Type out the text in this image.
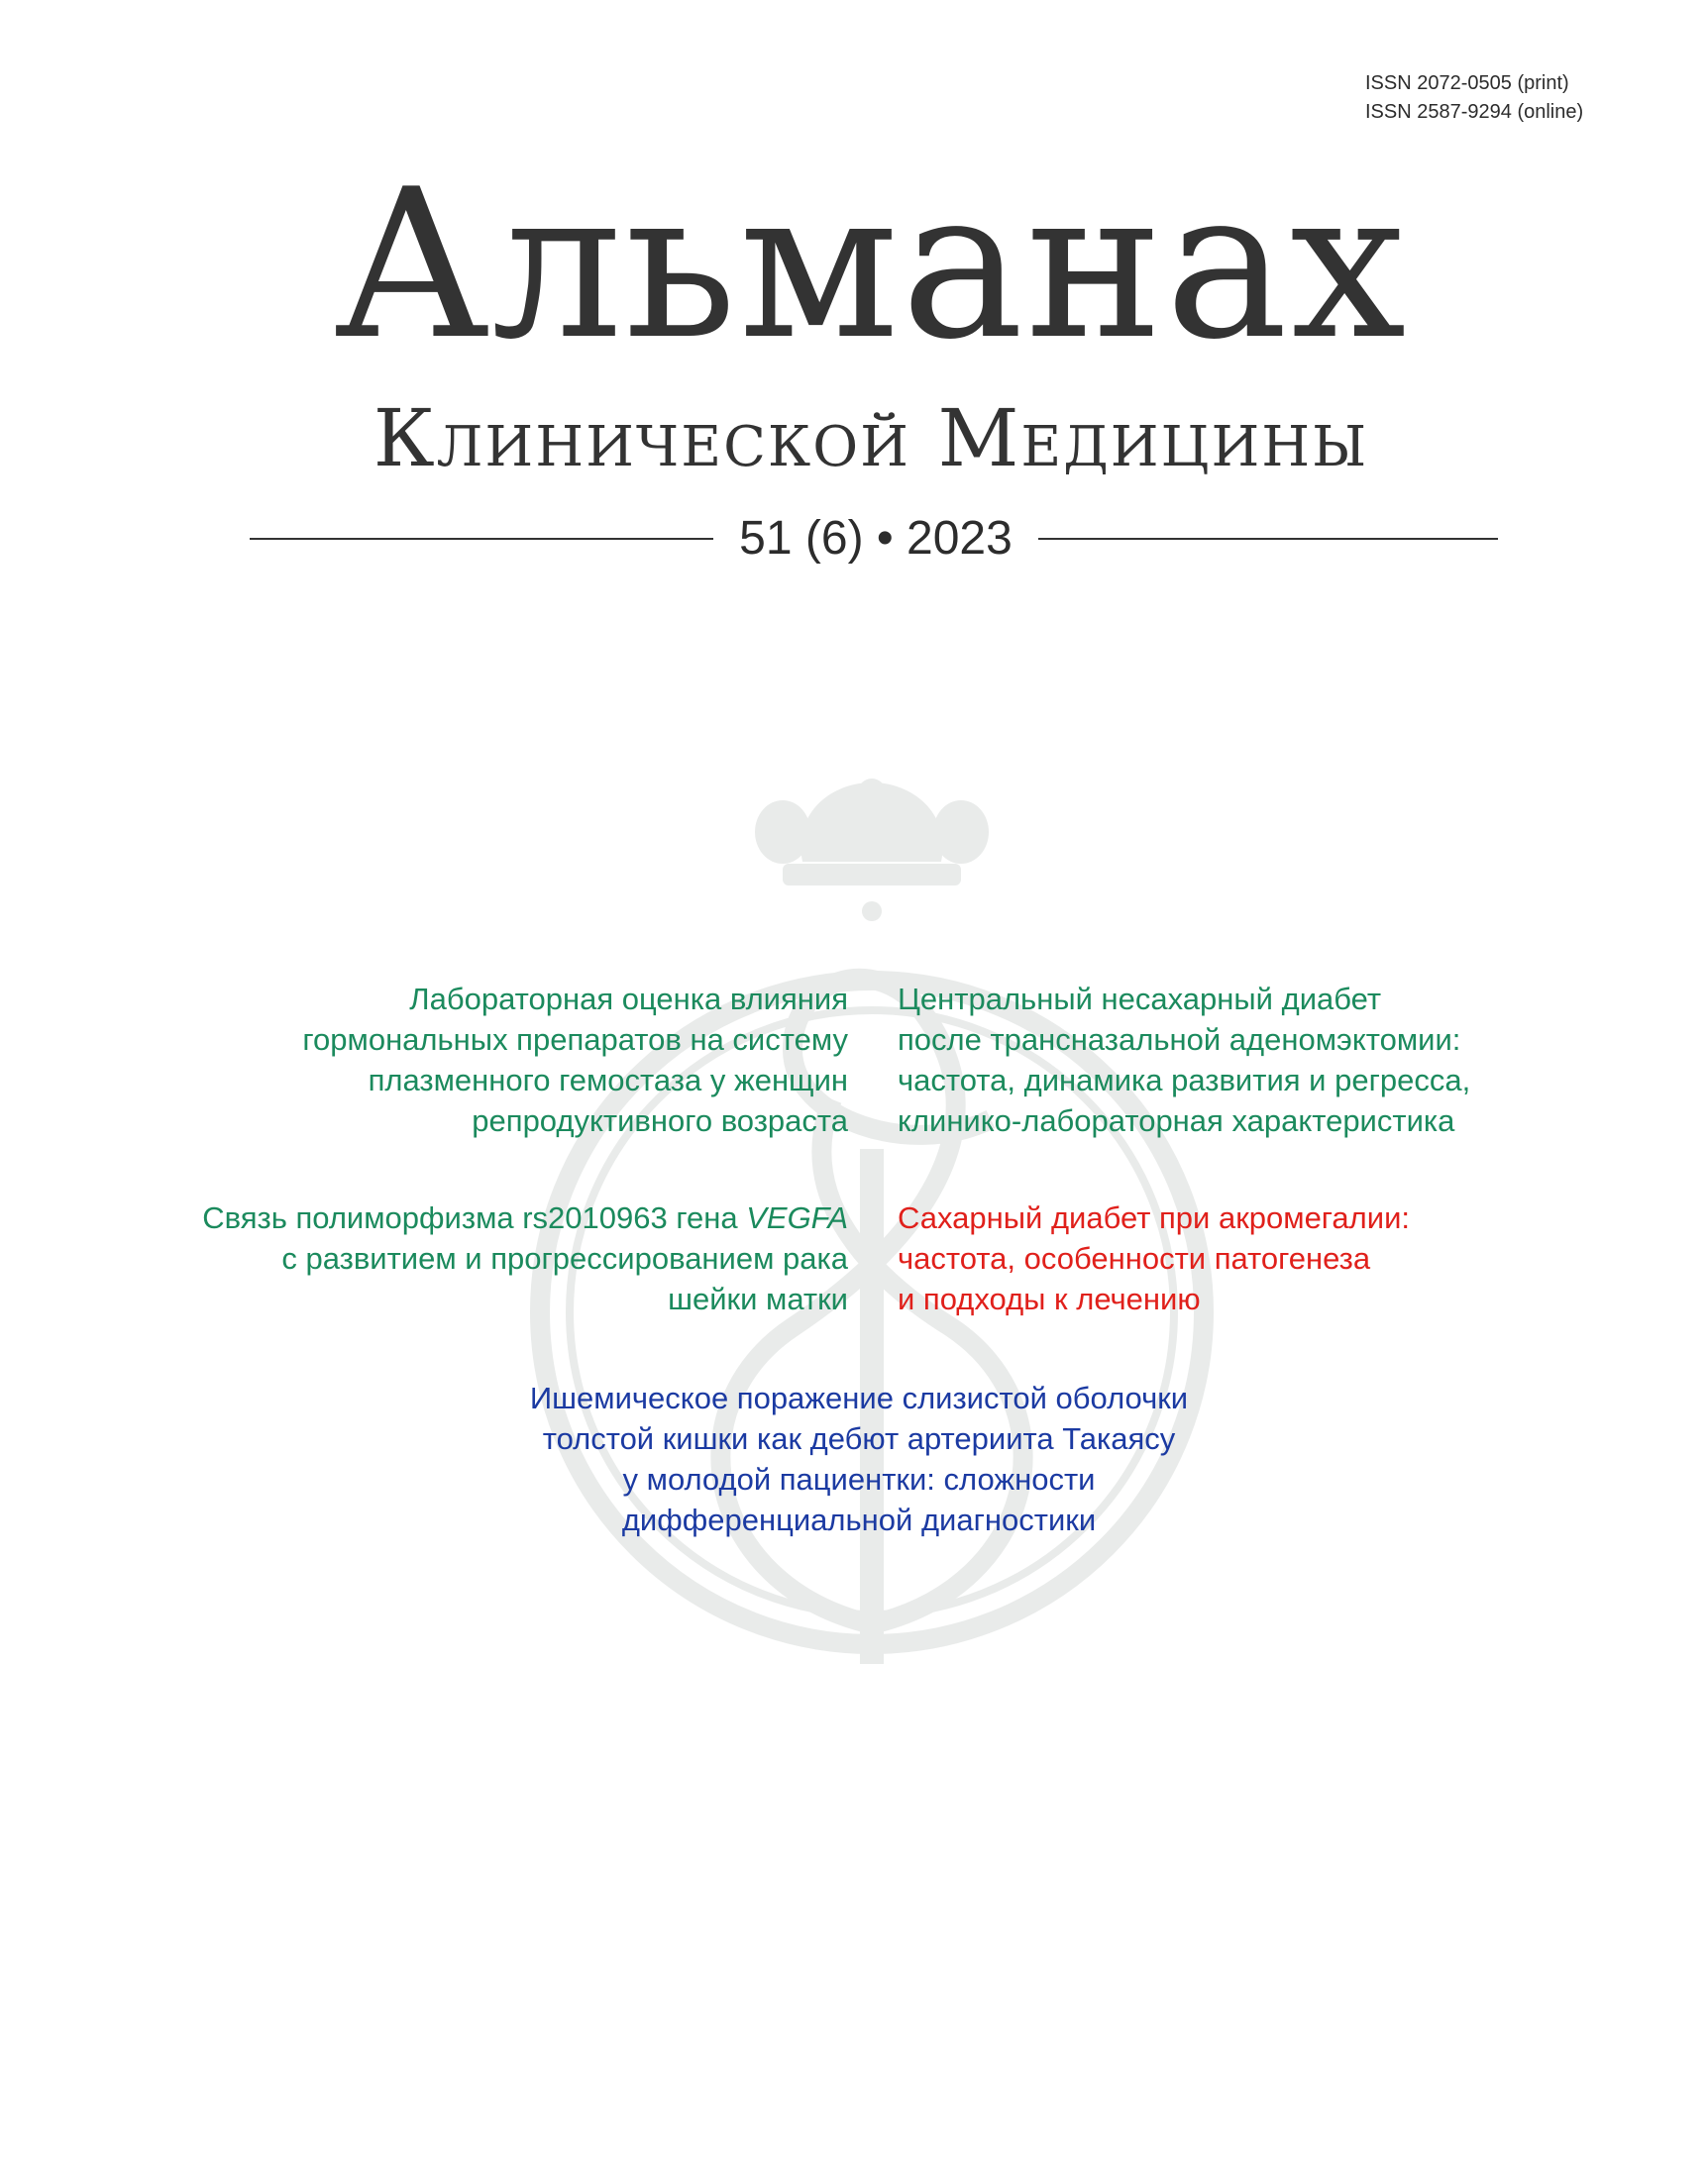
ISSN 2072-0505 (print)
ISSN 2587-9294 (online)
Альманах
Клинической Медицины
51 (6) • 2023

Лабораторная оценка влияния
гормональных препаратов на систему
плазменного гемостаза у женщин
репродуктивного возраста

Центральный несахарный диабет
после трансназальной аденомэктомии:
частота, динамика развития и регресса,
клинико-лабораторная характеристика

Связь полиморфизма rs2010963 гена VEGFA
с развитием и прогрессированием рака
шейки матки

Сахарный диабет при акромегалии:
частота, особенности патогенеза
и подходы к лечению

Ишемическое поражение слизистой оболочки
толстой кишки как дебют артериита Такаясу
у молодой пациентки: сложности
дифференциальной диагностики
